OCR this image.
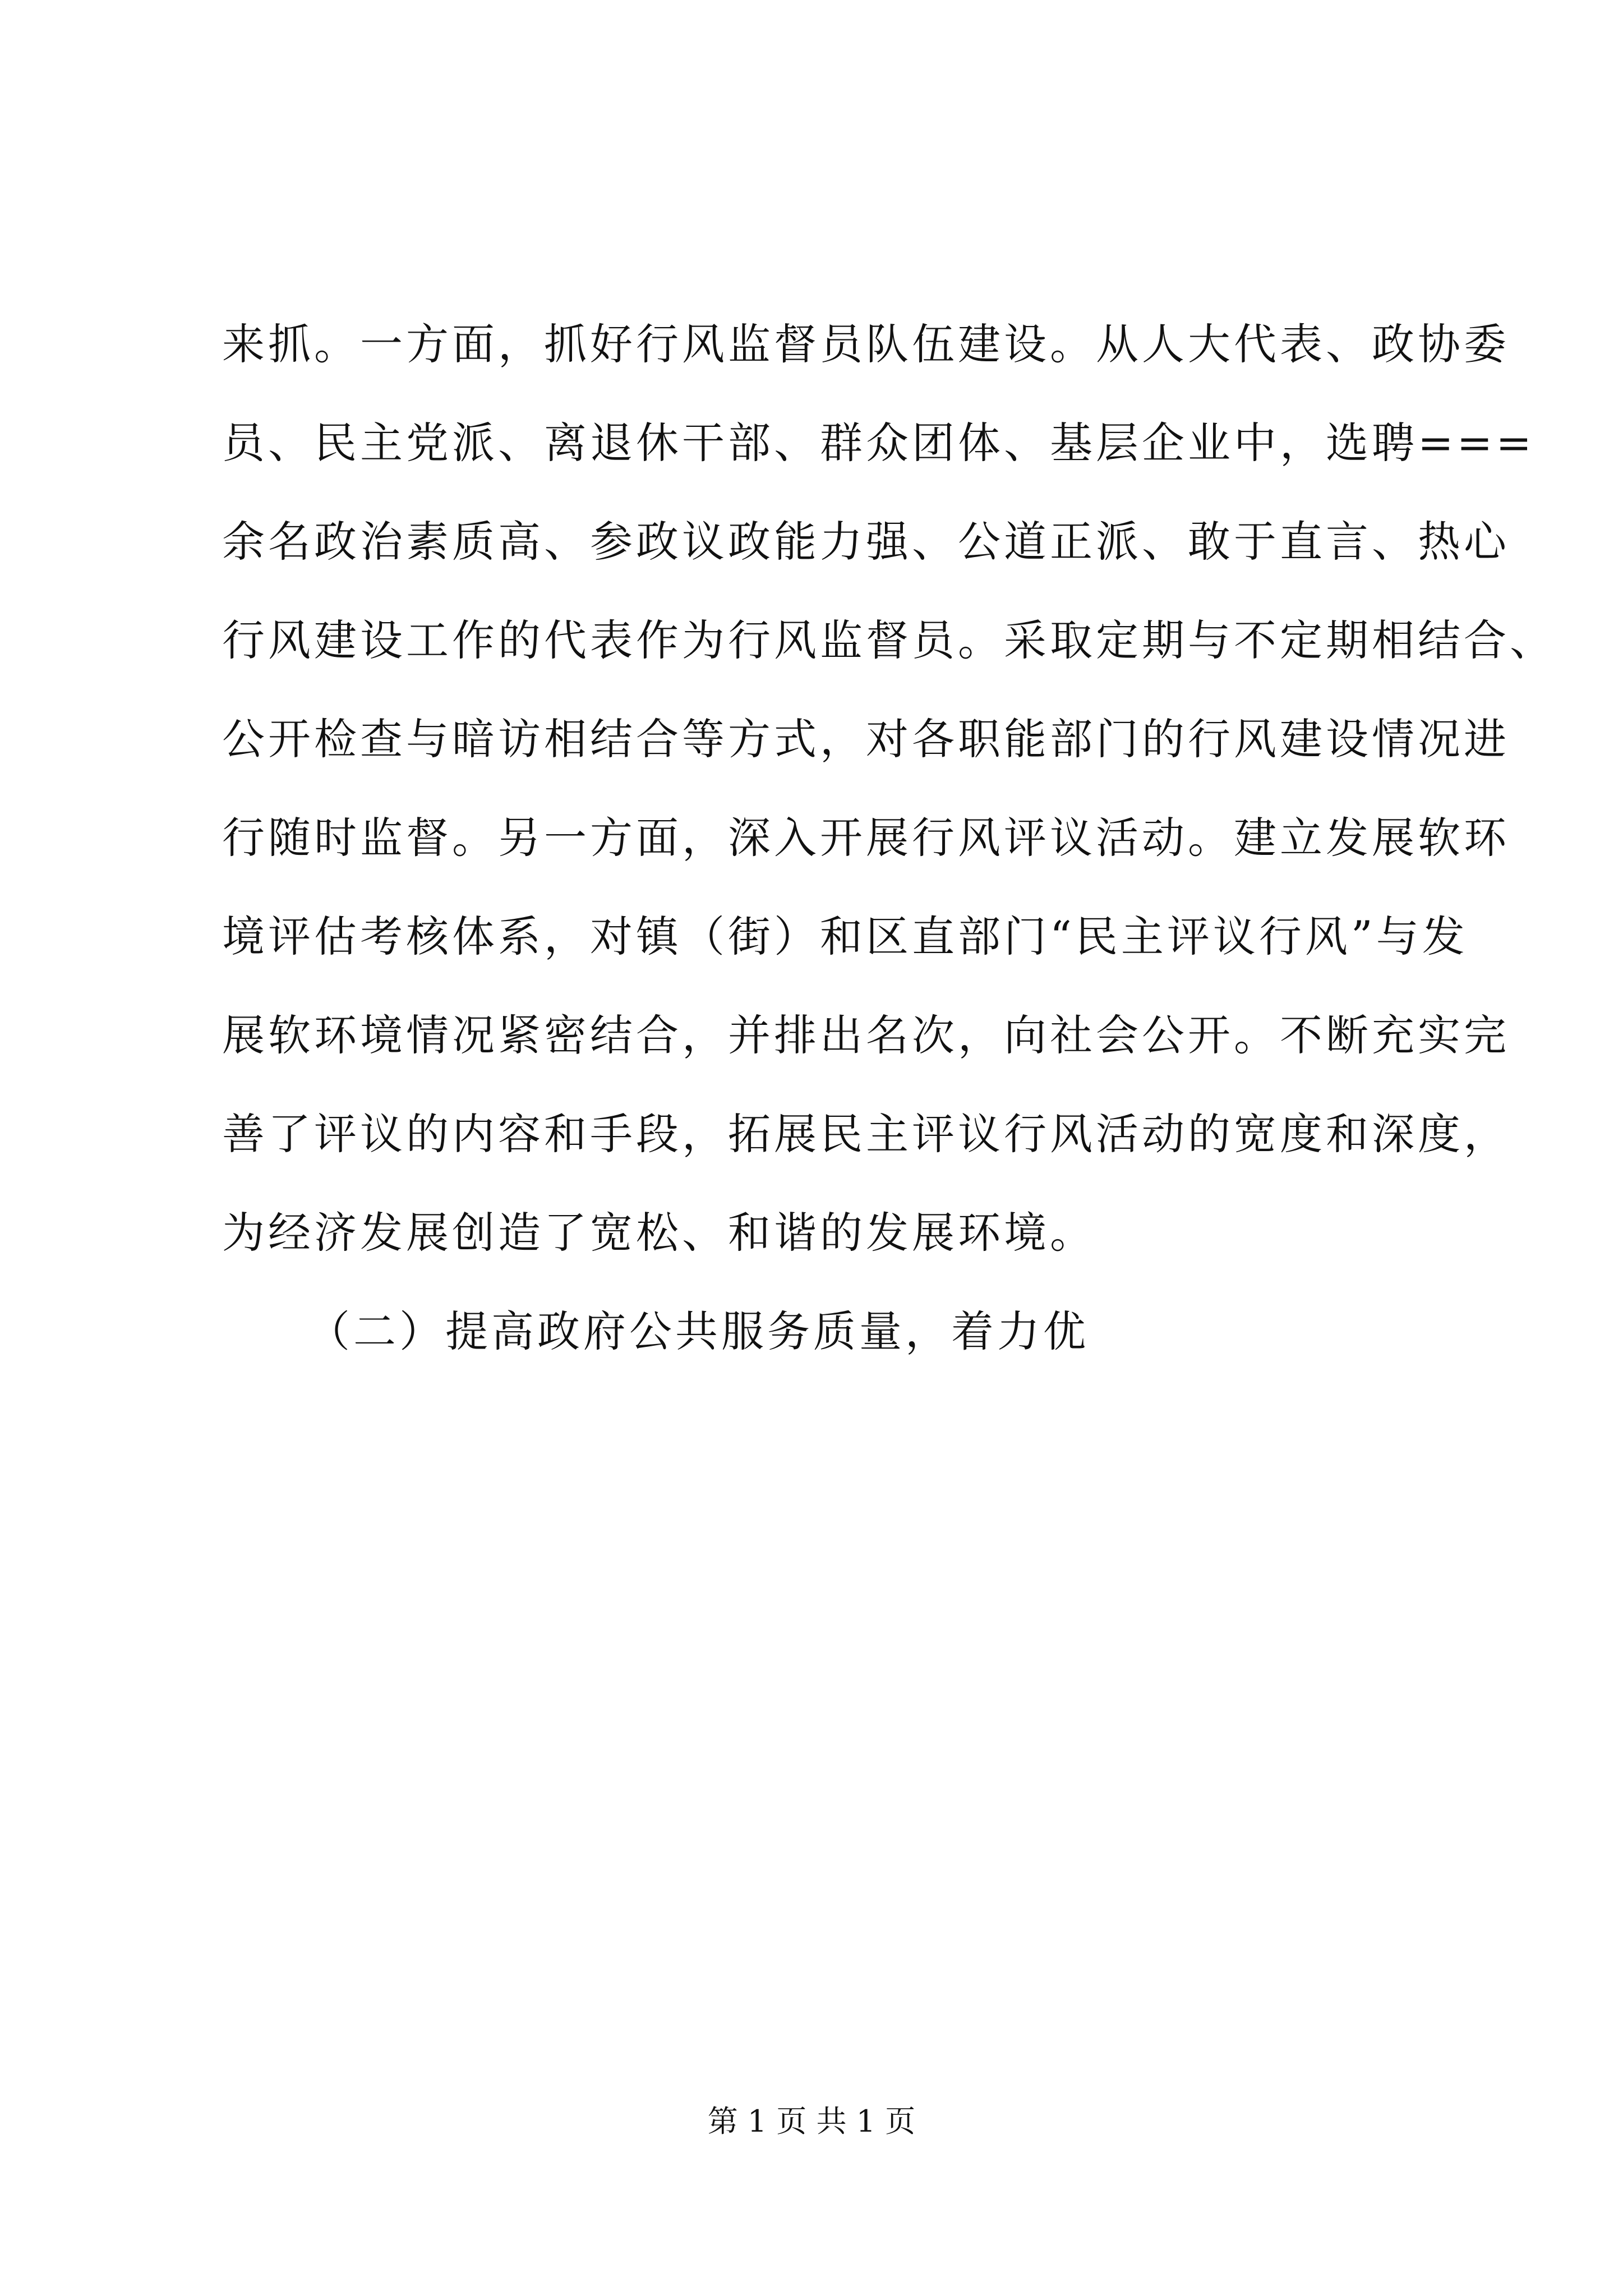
来抓。一方面，抓好行风监督员队伍建设。从人大代表、政协委
员、民主党派、离退休干部、群众团体、基层企业中，选聘===
余名政治素质高、参政议政能力强、公道正派、敢于直言、热心
行风建设工作的代表作为行风监督员。采取定期与不定期相结合、
公开检查与暗访相结合等方式，对各职能部门的行风建设情况进
行随时监督。另一方面，深入开展行风评议活动。建立发展软环
境评估考核体系，对镇（街）和区直部门“民主评议行风”与发
展软环境情况紧密结合，并排出名次，向社会公开。不断充实完
善了评议的内容和手段，拓展民主评议行风活动的宽度和深度，
为经济发展创造了宽松、和谐的发展环境。
（二）提高政府公共服务质量，着力优
第 1 页 共 1 页
